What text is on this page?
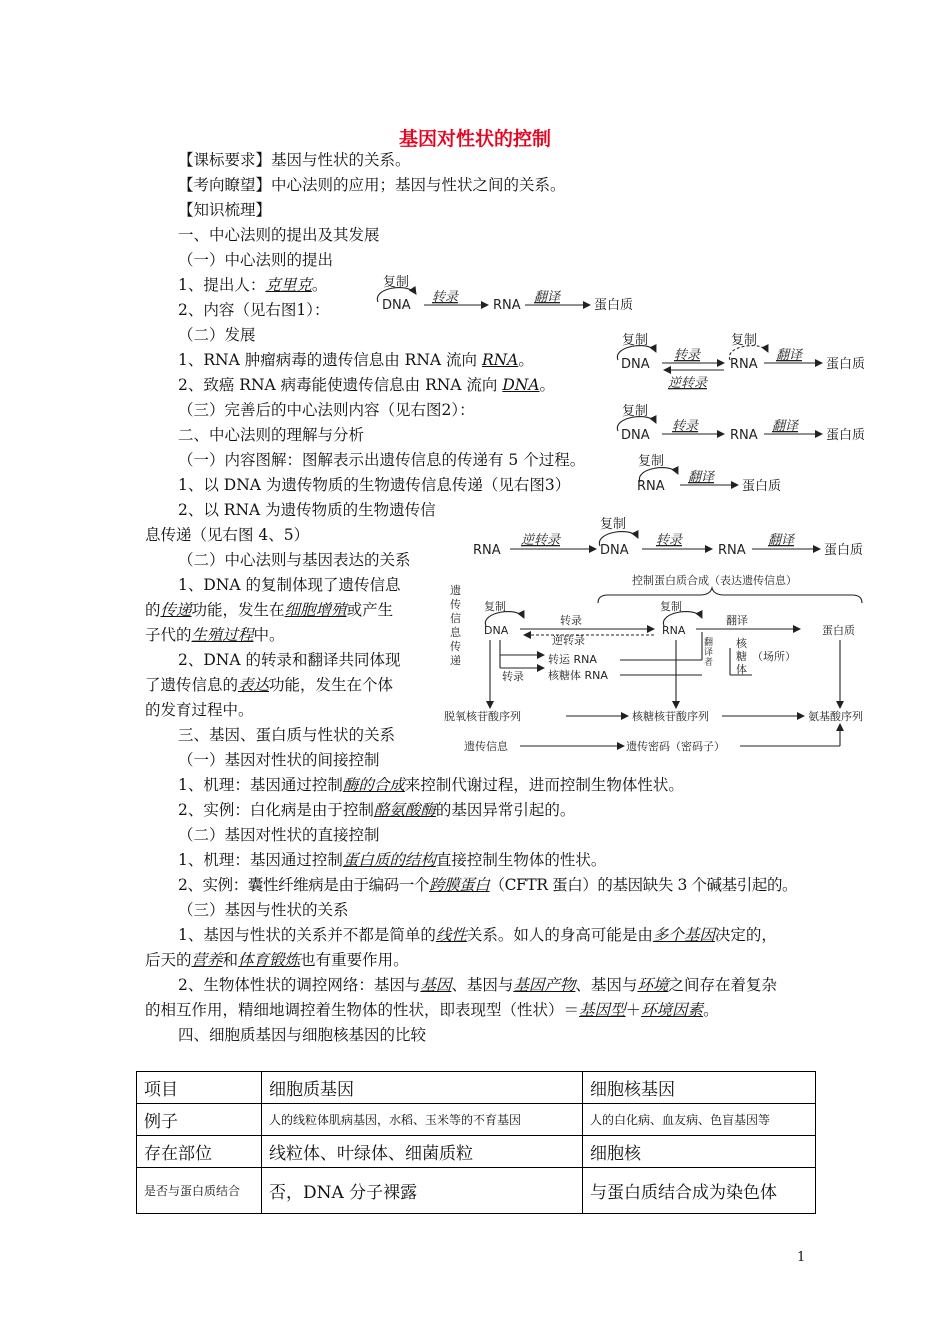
基因对性状的控制
【课标要求】基因与性状的关系。
【考向瞭望】中心法则的应用；基因与性状之间的关系。
【知识梳理】
一、中心法则的提出及其发展
（一）中心法则的提出
1、提出人：克里克。
2、内容（见右图1）：
（二）发展
1、RNA 肿瘤病毒的遗传信息由 RNA 流向 RNA。
2、致癌 RNA 病毒能使遗传信息由 RNA 流向 DNA。
（三）完善后的中心法则内容（见右图2）：
二、中心法则的理解与分析
（一）内容图解：图解表示出遗传信息的传递有 5 个过程。
1、以 DNA 为遗传物质的生物遗传信息传递（见右图3）
2、以 RNA 为遗传物质的生物遗传信
息传递（见右图 4、5）
（二）中心法则与基因表达的关系
1、DNA 的复制体现了遗传信息
的传递功能，发生在细胞增殖或产生
子代的生殖过程中。
2、DNA 的转录和翻译共同体现
了遗传信息的表达功能，发生在个体
的发育过程中。
三、基因、蛋白质与性状的关系
（一）基因对性状的间接控制
1、机理：基因通过控制酶的合成来控制代谢过程，进而控制生物体性状。
2、实例：白化病是由于控制酪氨酸酶的基因异常引起的。
（二）基因对性状的直接控制
1、机理：基因通过控制蛋白质的结构直接控制生物体的性状。
2、实例：囊性纤维病是由于编码一个跨膜蛋白（CFTR 蛋白）的基因缺失 3 个碱基引起的。
（三）基因与性状的关系
1、基因与性状的关系并不都是简单的线性关系。如人的身高可能是由多个基因决定的，
后天的营养和体育锻炼也有重要作用。
2、生物体性状的调控网络：基因与基因、基因与基因产物、基因与环境之间存在着复杂
的相互作用，精细地调控着生物体的性状，即表现型（性状）＝基因型＋环境因素。
四、细胞质基因与细胞核基因的比较
复制
DNA
转录
RNA
翻译
蛋白质
复制
DNA
转录
逆转录
复制
RNA
翻译
蛋白质
复制
DNA
转录
RNA
翻译
蛋白质
复制
RNA
翻译
蛋白质
RNA
逆转录
复制
DNA
转录
RNA
翻译
蛋白质
控制蛋白质合成（表达遗传信息）
遗
传
信
息
传
递
复制
DNA
转录
逆转录
复制
RNA
翻译
蛋白质
翻
译
者
核
糖
体
（场所）
转运 RNA
核糖体 RNA
转录
脱氧核苷酸序列	核糖核苷酸序列	氨基酸序列
遗传信息	遗传密码（密码子）
项目	细胞质基因	细胞核基因
例子	人的线粒体肌病基因，水稻、玉米等的不育基因	人的白化病、血友病、色盲基因等
存在部位	线粒体、叶绿体、细菌质粒	细胞核
是否与蛋白质结合	否，DNA 分子裸露	与蛋白质结合成为染色体
1
